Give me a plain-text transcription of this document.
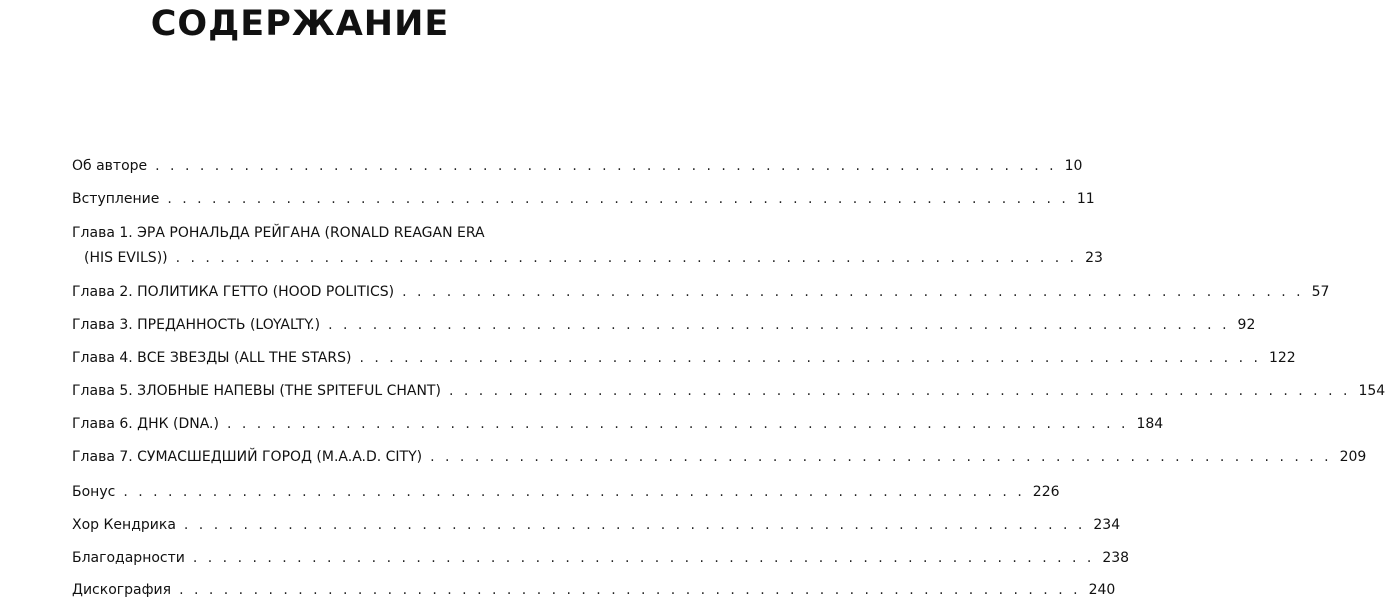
СОДЕРЖАНИЕ
Об авторе . . . . . . . . . . . . . . . . . . . . . . . . . . . . . . . . . . . . . . . . . . . . . . . . . . . . . . . . . . . . . 10
Вступление . . . . . . . . . . . . . . . . . . . . . . . . . . . . . . . . . . . . . . . . . . . . . . . . . . . . . . . . . . . . . 11
Глава 1. ЭРА РОНАЛЬДА РЕЙГАНА (RONALD REAGAN ERA
(HIS EVILS)) . . . . . . . . . . . . . . . . . . . . . . . . . . . . . . . . . . . . . . . . . . . . . . . . . . . . . . . . . . . . . 23
Глава 2. ПОЛИТИКА ГЕТТО (HOOD POLITICS) . . . . . . . . . . . . . . . . . . . . . . . . . . . . . . . . . . . . . . . . . . . . . . . . . . . . . . . . . . . . . 57
Глава 3. ПРЕДАННОСТЬ (LOYALTY.) . . . . . . . . . . . . . . . . . . . . . . . . . . . . . . . . . . . . . . . . . . . . . . . . . . . . . . . . . . . . . 92
Глава 4. ВСЕ ЗВЕЗДЫ (ALL THE STARS) . . . . . . . . . . . . . . . . . . . . . . . . . . . . . . . . . . . . . . . . . . . . . . . . . . . . . . . . . . . . . 122
Глава 5. ЗЛОБНЫЕ НАПЕВЫ (THE SPITEFUL CHANT) . . . . . . . . . . . . . . . . . . . . . . . . . . . . . . . . . . . . . . . . . . . . . . . . . . . . . . . . . . . . . 154
Глава 6. ДНК (DNA.) . . . . . . . . . . . . . . . . . . . . . . . . . . . . . . . . . . . . . . . . . . . . . . . . . . . . . . . . . . . . . 184
Глава 7. СУМАСШЕДШИЙ ГОРОД (M.A.A.D. CITY) . . . . . . . . . . . . . . . . . . . . . . . . . . . . . . . . . . . . . . . . . . . . . . . . . . . . . . . . . . . . . 209
Бонус . . . . . . . . . . . . . . . . . . . . . . . . . . . . . . . . . . . . . . . . . . . . . . . . . . . . . . . . . . . . . 226
Хор Кендрика . . . . . . . . . . . . . . . . . . . . . . . . . . . . . . . . . . . . . . . . . . . . . . . . . . . . . . . . . . . . . 234
Благодарности . . . . . . . . . . . . . . . . . . . . . . . . . . . . . . . . . . . . . . . . . . . . . . . . . . . . . . . . . . . . . 238
Дискография . . . . . . . . . . . . . . . . . . . . . . . . . . . . . . . . . . . . . . . . . . . . . . . . . . . . . . . . . . . . . 240
